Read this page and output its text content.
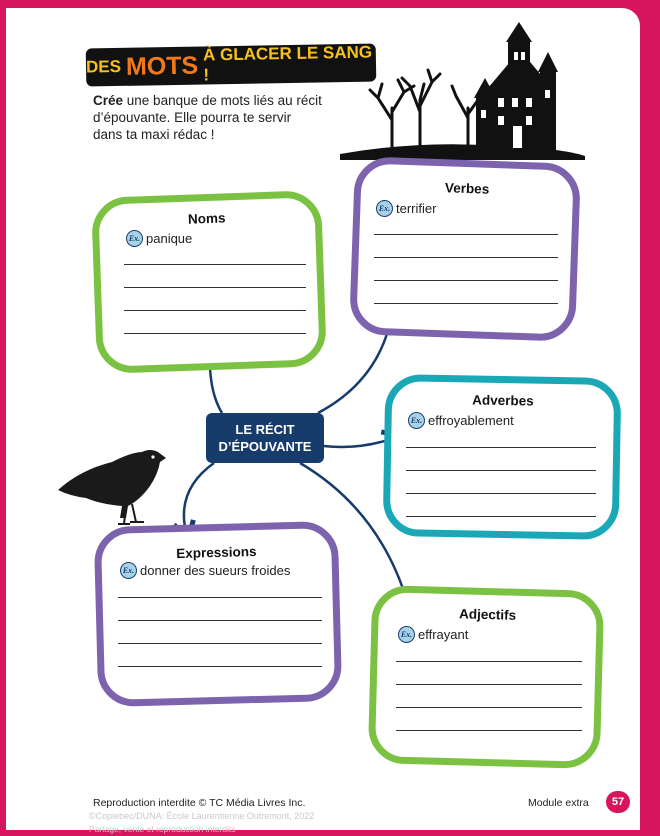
DES MOTS À GLACER LE SANG !
Crée une banque de mots liés au récit d’épouvante. Elle pourra te servir dans ta maxi rédac !
Noms
Ex. panique
Verbes
Ex. terrifier
Adverbes
Ex. effroyablement
Expressions
Ex. donner des sueurs froides
Adjectifs
Ex. effrayant
LE RÉCIT
D’ÉPOUVANTE
Reproduction interdite © TC Média Livres Inc.
©Copiebec/DUNA: École Laurentienne Outremont, 2022
Partage, vente et reproduction interdits
Module extra	57
